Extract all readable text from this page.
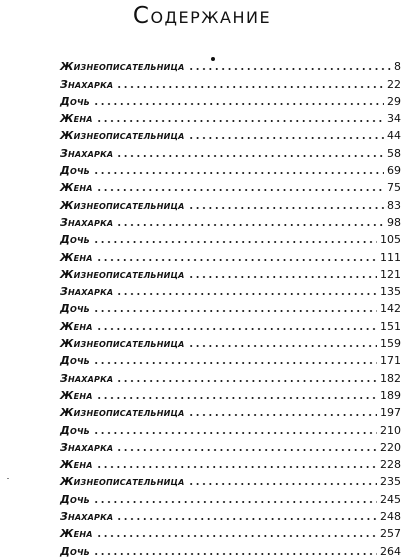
Содержание
Жизнеописательница	8
Знахарка	22
Дочь	29
Жена	34
Жизнеописательница	44
Знахарка	58
Дочь	69
Жена	75
Жизнеописательница	83
Знахарка	98
Дочь	105
Жена	111
Жизнеописательница	121
Знахарка	135
Дочь	142
Жена	151
Жизнеописательница	159
Дочь	171
Знахарка	182
Жена	189
Жизнеописательница	197
Дочь	210
Знахарка	220
Жена	228
Жизнеописательница	235
Дочь	245
Знахарка	248
Жена	257
Дочь	264
